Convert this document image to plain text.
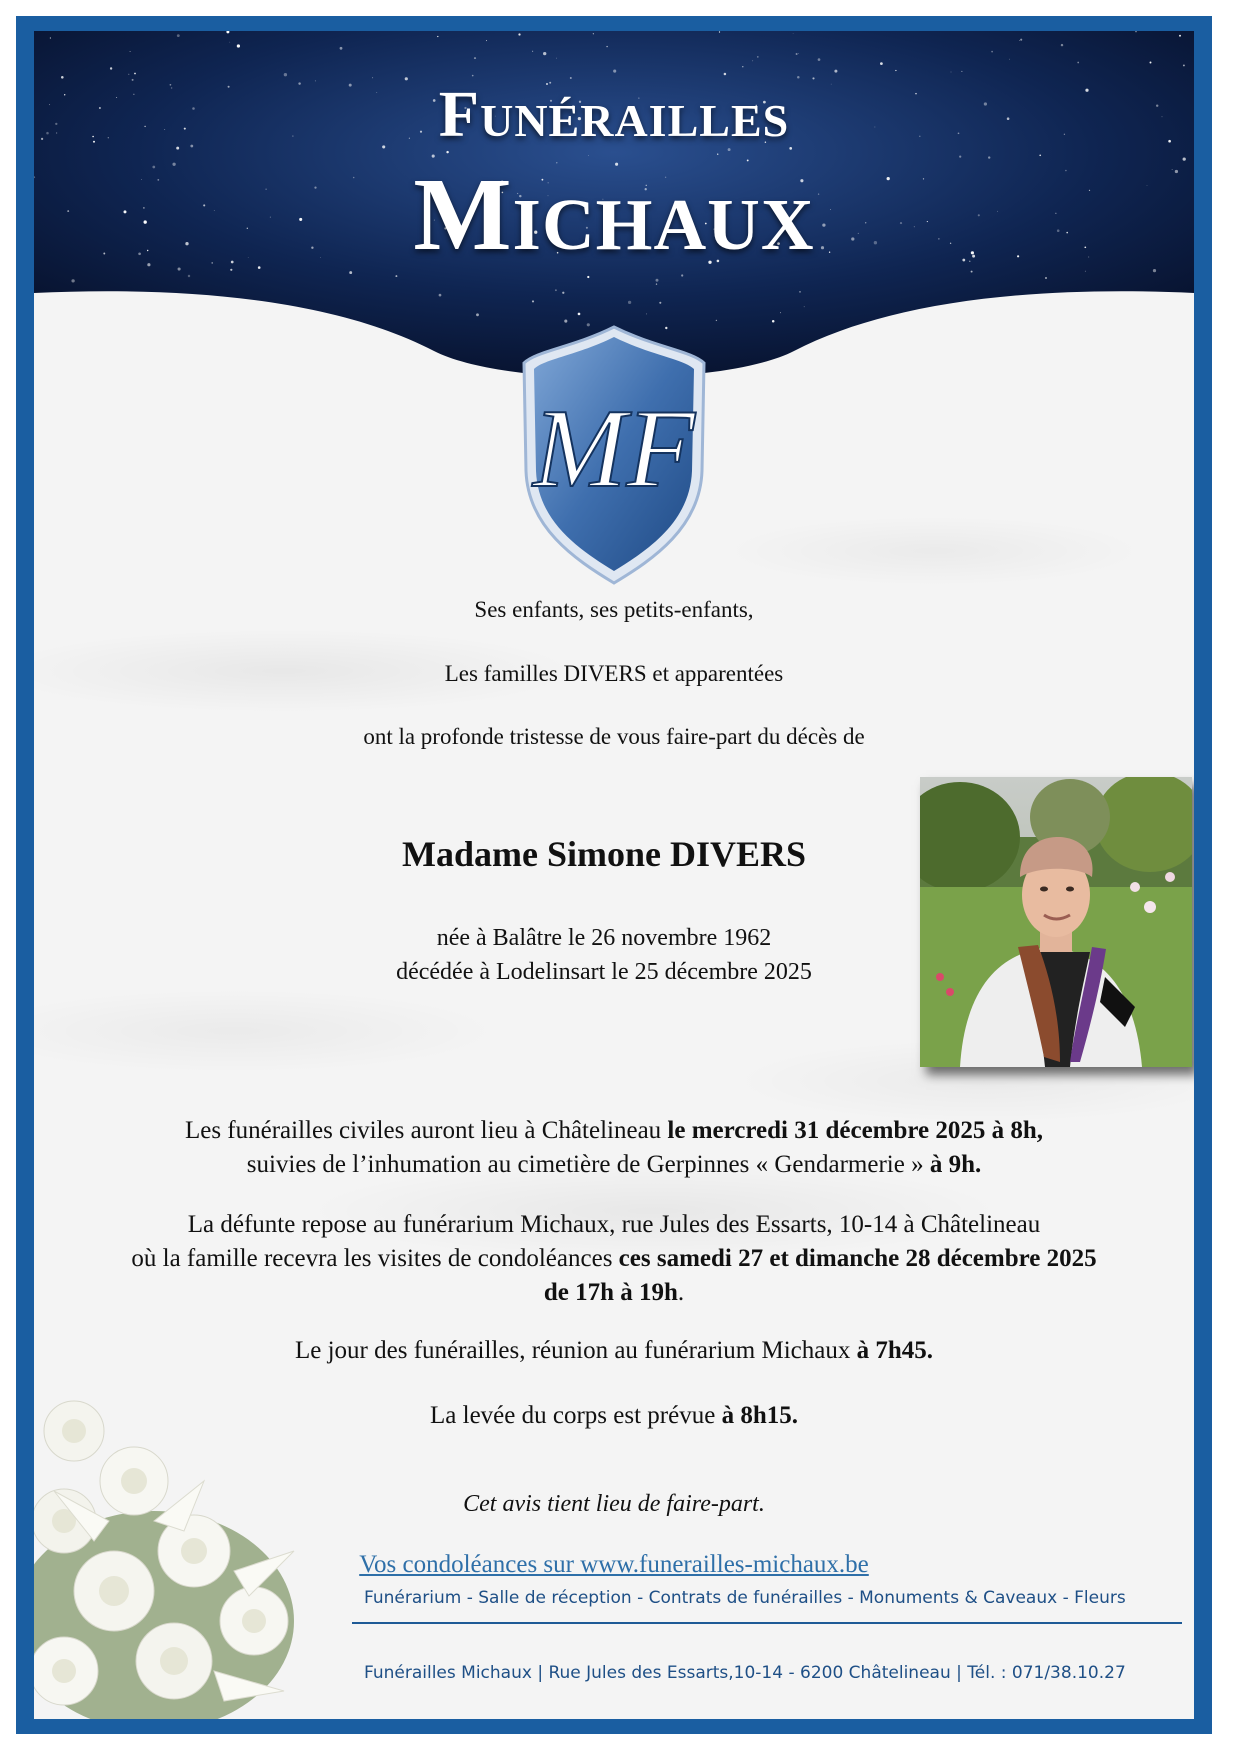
Funérailles
Michaux
MF
Ses enfants, ses petits-enfants,
Les familles DIVERS et apparentées
ont la profonde tristesse de vous faire-part du décès de
Madame Simone DIVERS
née à Balâtre le 26 novembre 1962
décédée à Lodelinsart le 25 décembre 2025
Les funérailles civiles auront lieu à Châtelineau le mercredi 31 décembre 2025 à 8h,
suivies de l’inhumation au cimetière de Gerpinnes « Gendarmerie » à 9h.
La défunte repose au funérarium Michaux, rue Jules des Essarts, 10-14 à Châtelineau
où la famille recevra les visites de condoléances ces samedi 27 et dimanche 28 décembre 2025
de 17h à 19h.
Le jour des funérailles, réunion au funérarium Michaux à 7h45.
La levée du corps est prévue à 8h15.
Cet avis tient lieu de faire-part.
Vos condoléances sur www.funerailles-michaux.be
Funérarium - Salle de réception - Contrats de funérailles - Monuments & Caveaux - Fleurs
Funérailles Michaux | Rue Jules des Essarts,10-14 - 6200 Châtelineau | Tél. : 071/38.10.27
